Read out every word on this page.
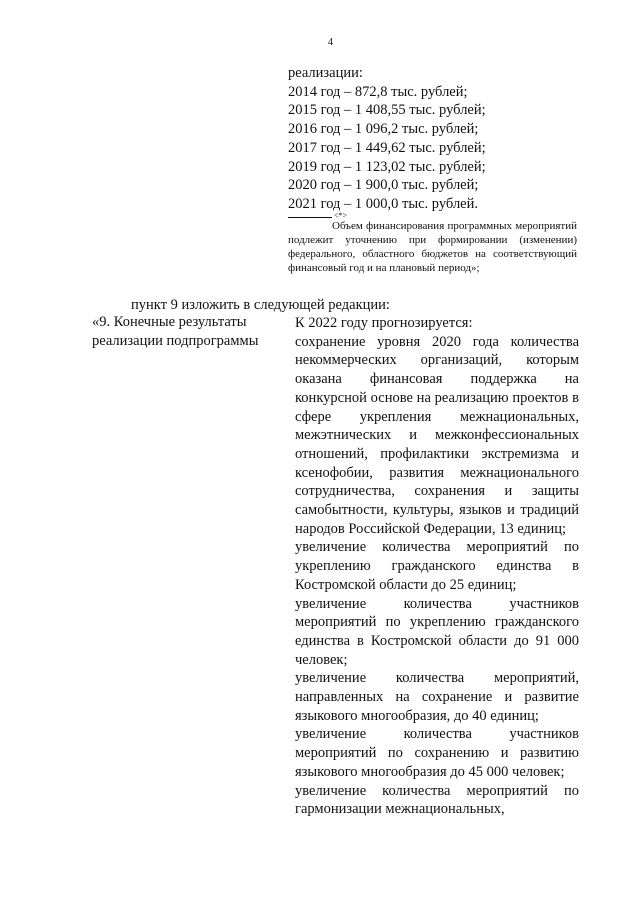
4
реализации:
2014 год – 872,8 тыс. рублей;
2015 год – 1 408,55 тыс. рублей;
2016 год – 1 096,2 тыс. рублей;
2017 год – 1 449,62 тыс. рублей;
2019 год – 1 123,02 тыс. рублей;
2020 год – 1 900,0 тыс. рублей;
2021 год – 1 000,0 тыс. рублей.
<*>
Объем финансирования программных мероприятий подлежит уточнению при формировании (изменении) федерального, областного бюджетов на соответствующий финансовый год и на плановый период»;
пункт 9 изложить в следующей редакции:
«9. Конечные результаты реализации подпрограммы

К 2022 году прогнозируется:

сохранение уровня 2020 года количества некоммерческих организаций, которым оказана финансовая поддержка на конкурсной основе на реализацию проектов в сфере укрепления межнациональных, межэтнических и межконфессиональных отношений, профилактики экстремизма и ксенофобии, развития межнационального сотрудничества, сохранения и защиты самобытности, культуры, языков и традиций народов Российской Федерации, 13 единиц;

увеличение количества мероприятий по укреплению гражданского единства в Костромской области до 25 единиц;

увеличение количества участников мероприятий по укреплению гражданского единства в Костромской области до 91 000 человек;

увеличение количества мероприятий, направленных на сохранение и развитие языкового многообразия, до 40 единиц;

увеличение количества участников мероприятий по сохранению и развитию языкового многообразия до 45 000 человек;

увеличение количества мероприятий по гармонизации межнациональных,
